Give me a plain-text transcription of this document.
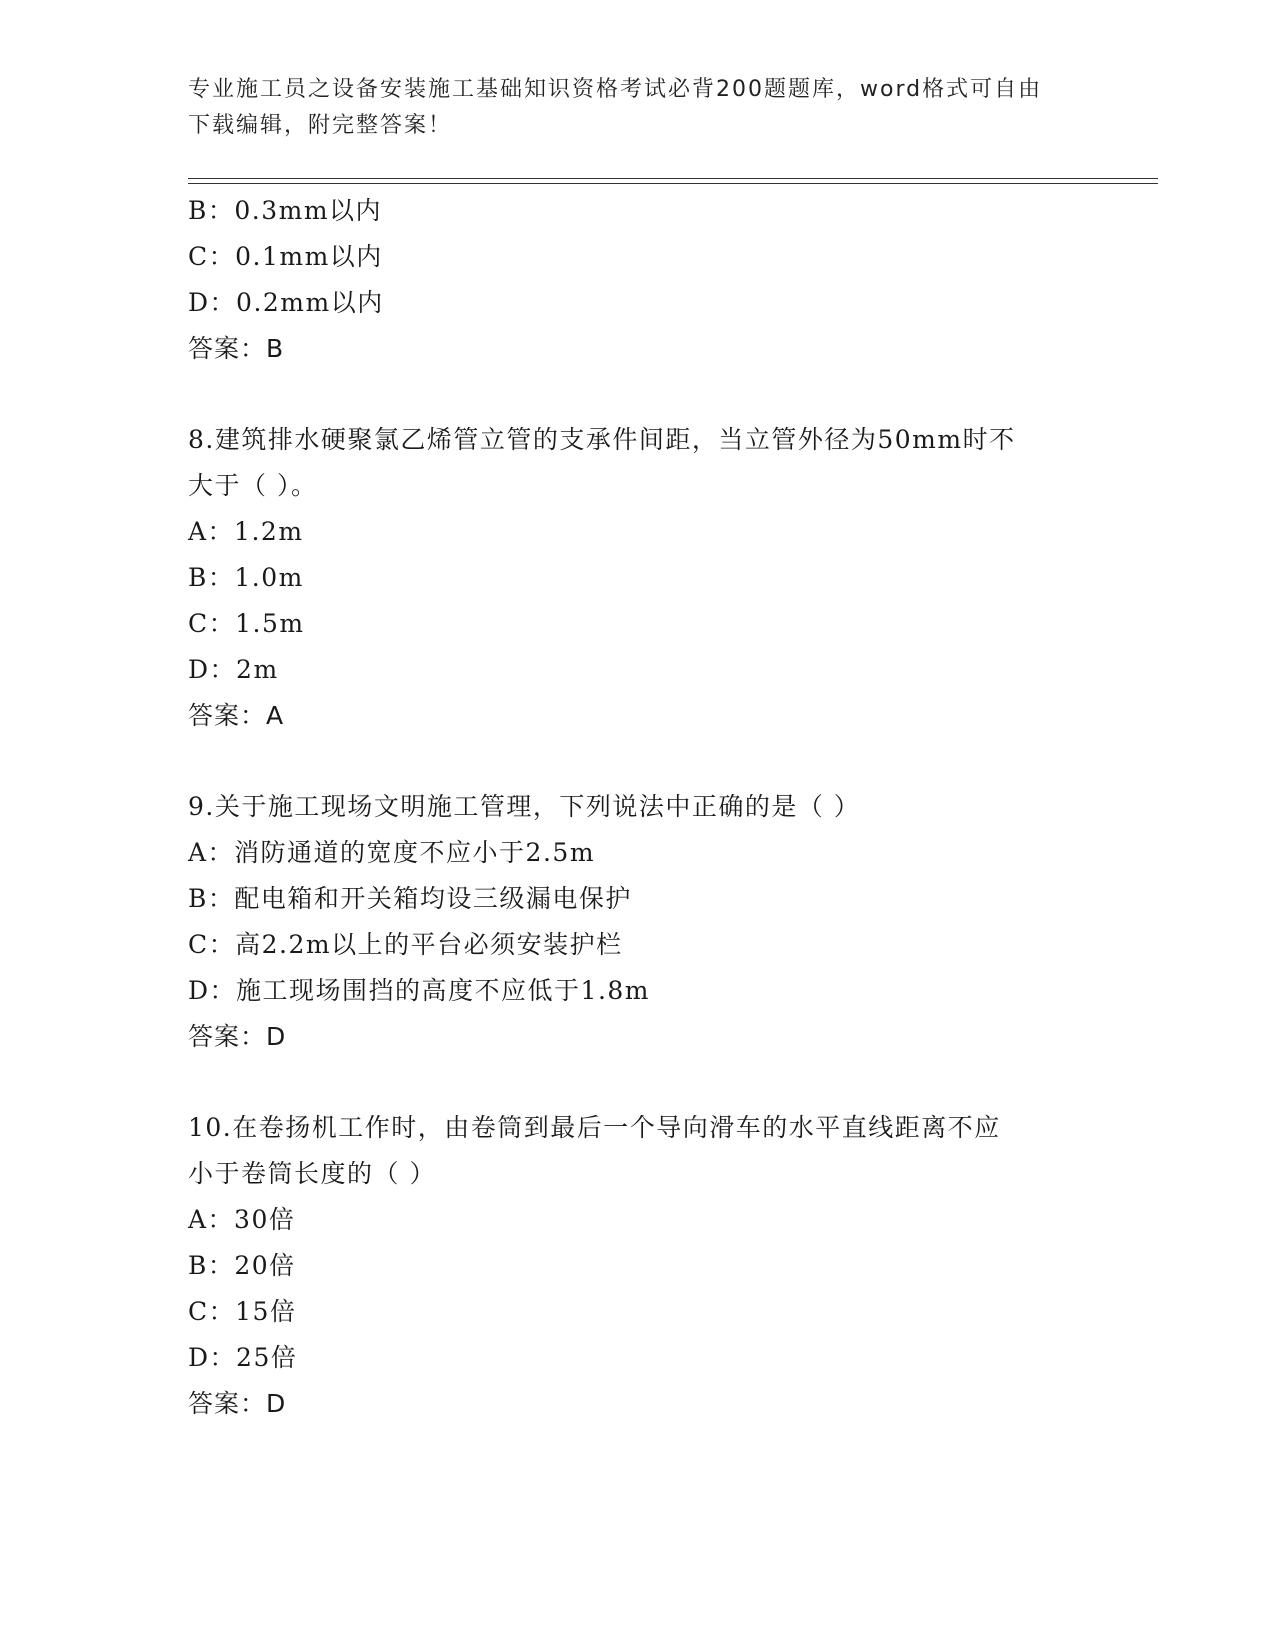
专业施工员之设备安装施工基础知识资格考试必背200题题库，word格式可自由
下载编辑，附完整答案！
B：0.3mm以内
C：0.1mm以内
D：0.2mm以内
答案：B
8.建筑排水硬聚氯乙烯管立管的支承件间距，当立管外径为50mm时不
大于（ ）。
A：1.2m
B：1.0m
C：1.5m
D：2m
答案：A
9.关于施工现场文明施工管理，下列说法中正确的是（ ）
A：消防通道的宽度不应小于2.5m
B：配电箱和开关箱均设三级漏电保护
C：高2.2m以上的平台必须安装护栏
D：施工现场围挡的高度不应低于1.8m
答案：D
10.在卷扬机工作时，由卷筒到最后一个导向滑车的水平直线距离不应
小于卷筒长度的（ ）
A：30倍
B：20倍
C：15倍
D：25倍
答案：D
